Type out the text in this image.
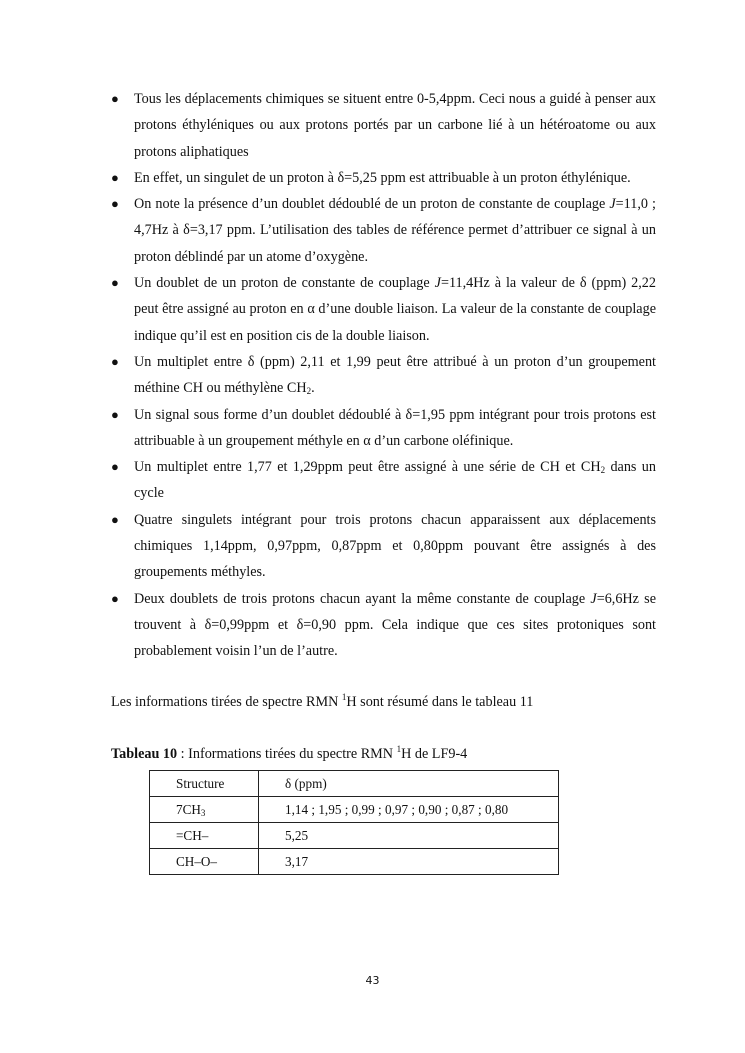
● Tous les déplacements chimiques se situent entre 0-5,4ppm. Ceci nous a guidé à penser aux protons éthyléniques ou aux protons portés par un carbone lié à un hétéroatome ou aux protons aliphatiques
● En effet, un singulet de un proton à δ=5,25 ppm est attribuable à un proton éthylénique.
● On note la présence d’un doublet dédoublé de un proton de constante de couplage J=11,0 ; 4,7Hz à δ=3,17 ppm. L’utilisation des tables de référence permet d’attribuer ce signal à un proton déblindé par un atome d’oxygène.
● Un doublet de un proton de constante de couplage J=11,4Hz à la valeur de δ (ppm) 2,22 peut être assigné au proton en α d’une double liaison. La valeur de la constante de couplage indique qu’il est en position cis de la double liaison.
● Un multiplet entre δ (ppm) 2,11 et 1,99 peut être attribué à un proton d’un groupement méthine CH ou méthylène $CH_2$.
● Un signal sous forme d’un doublet dédoublé à δ=1,95 ppm intégrant pour trois protons est attribuable à un groupement méthyle en α d’un carbone oléfinique.
● Un multiplet entre 1,77 et 1,29ppm peut être assigné à une série de CH et $CH_2$ dans un cycle
● Quatre singulets intégrant pour trois protons chacun apparaissent aux déplacements chimiques 1,14ppm, 0,97ppm, 0,87ppm et 0,80ppm pouvant être assignés à des groupements méthyles.
● Deux doublets de trois protons chacun ayant la même constante de couplage J=6,6Hz se trouvent à δ=0,99ppm et δ=0,90 ppm. Cela indique que ces sites protoniques sont probablement voisin l’un de l’autre.
Les informations tirées de spectre RMN $^1$H sont résumé dans le tableau 11
Tableau 10 : Informations tirées du spectre RMN $^1$H de LF9-4
Structure	δ (ppm)
$7CH_3$	1,14 ; 1,95 ; 0,99 ; 0,97 ; 0,90 ; 0,87 ; 0,80
=CH–	5,25
CH–O–	3,17
43
